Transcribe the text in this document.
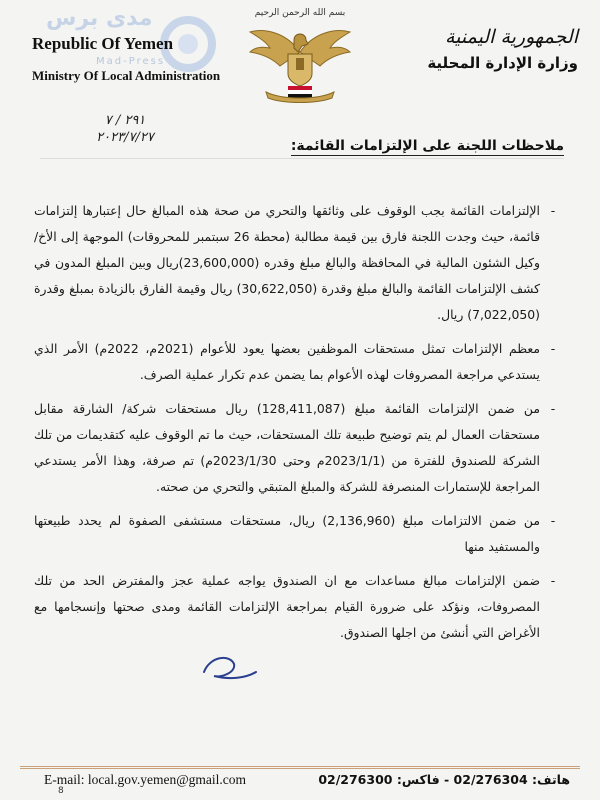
مدى برس
Mad-Press
Republic Of Yemen
Ministry Of Local Administration
بسم الله الرحمن الرحيم
الجمهورية اليمنية
وزارة الإدارة المحلية
٢٩١ / ٧
٢٠٢٣/٧/٢٧
ملاحظات اللجنة على الإلتزامات القائمة:
-
الإلتزامات القائمة بجب الوقوف على وثائقها والتحري من صحة هذه المبالغ حال إعتبارها إلتزامات قائمة، حيث وجدت اللجنة فارق بين قيمة مطالبة (محطة 26 سبتمبر للمحروقات) الموجهة إلى الأخ/ وكيل الشئون المالية في المحافظة والبالغ مبلغ وقدره (23,600,000)ريال وبين المبلغ المدون في كشف الإلتزامات القائمة والبالغ مبلغ وقدرة (30,622,050) ريال وقيمة الفارق بالزيادة بمبلغ وقدرة (7,022,050) ريال.
-
معظم الإلتزامات تمثل مستحقات الموظفين بعضها يعود للأعوام (2021م، 2022م) الأمر الذي يستدعي مراجعة المصروفات لهذه الأعوام بما يضمن عدم تكرار عملية الصرف.
-
من ضمن الإلتزامات القائمة مبلغ (128,411,087) ريال مستحقات شركة/ الشارقة مقابل مستحقات العمال لم يتم توضيح طبيعة تلك المستحقات، حيث ما تم الوقوف عليه كتقديمات من تلك الشركة للصندوق للفترة من (2023/1/1م وحتى 2023/1/30م) تم صرفة، وهذا الأمر يستدعي المراجعة للإستمارات المنصرفة للشركة والمبلغ المتبقي والتحري من صحته.
-
من ضمن الالتزامات مبلغ (2,136,960) ريال، مستحقات مستشفى الصفوة لم يحدد طبيعتها والمستفيد منها
-
ضمن الإلتزامات مبالغ مساعدات مع ان الصندوق يواجه عملية عجز والمفترض الحد من تلك المصروفات، ونؤكد على ضرورة القيام بمراجعة الإلتزامات القائمة ومدى صحتها وإنسجامها مع الأغراض التي أنشئ من اجلها الصندوق.
E-mail: local.gov.yemen@gmail.com	هاتف: 02/276304 - فاكس: 02/276300
8
